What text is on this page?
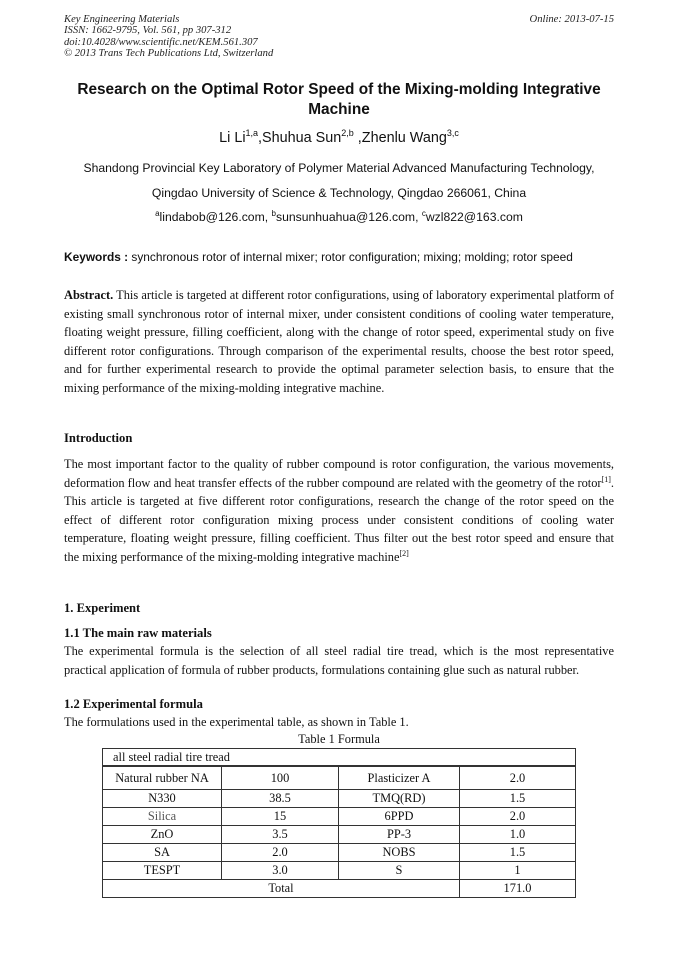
Key Engineering Materials
ISSN: 1662-9795, Vol. 561, pp 307-312
doi:10.4028/www.scientific.net/KEM.561.307
© 2013 Trans Tech Publications Ltd, Switzerland
Online: 2013-07-15
Research on the Optimal Rotor Speed of the Mixing-molding Integrative Machine
Li Li$^{1,a}$,Shuhua Sun$^{2,b}$ ,Zhenlu Wang$^{3,c}$
Shandong Provincial Key Laboratory of Polymer Material Advanced Manufacturing Technology,
Qingdao University of Science & Technology, Qingdao 266061, China
$^a$lindabob@126.com, $^b$sunsunhuahua@126.com, $^c$wzl822@163.com
Keywords : synchronous rotor of internal mixer; rotor configuration; mixing; molding; rotor speed
Abstract. This article is targeted at different rotor configurations, using of laboratory experimental platform of existing small synchronous rotor of internal mixer, under consistent conditions of cooling water temperature, floating weight pressure, filling coefficient, along with the change of rotor speed, experimental study on five different rotor configurations. Through comparison of the experimental results, choose the best rotor speed, and for further experimental research to provide the optimal parameter selection basis, to ensure that the mixing performance of the mixing-molding integrative machine.
Introduction
The most important factor to the quality of rubber compound is rotor configuration, the various movements, deformation flow and heat transfer effects of the rubber compound are related with the geometry of the rotor[1]. This article is targeted at five different rotor configurations, research the change of the rotor speed on the effect of different rotor configuration mixing process under consistent conditions of cooling water temperature, floating weight pressure, filling coefficient. Thus filter out the best rotor speed and ensure that the mixing performance of the mixing-molding integrative machine[2]
1. Experiment
1.1 The main raw materials
The experimental formula is the selection of all steel radial tire tread, which is the most representative practical application of formula of rubber products, formulations containing glue such as natural rubber.
1.2 Experimental formula
The formulations used in the experimental table, as shown in Table 1.
Table 1 Formula
all steel radial tire tread			
Natural rubber NA	100	Plasticizer A	2.0
N330	38.5	TMQ(RD)	1.5
Silica	15	6PPD	2.0
ZnO	3.5	PP-3	1.0
SA	2.0	NOBS	1.5
TESPT	3.0	S	1
Total			171.0
